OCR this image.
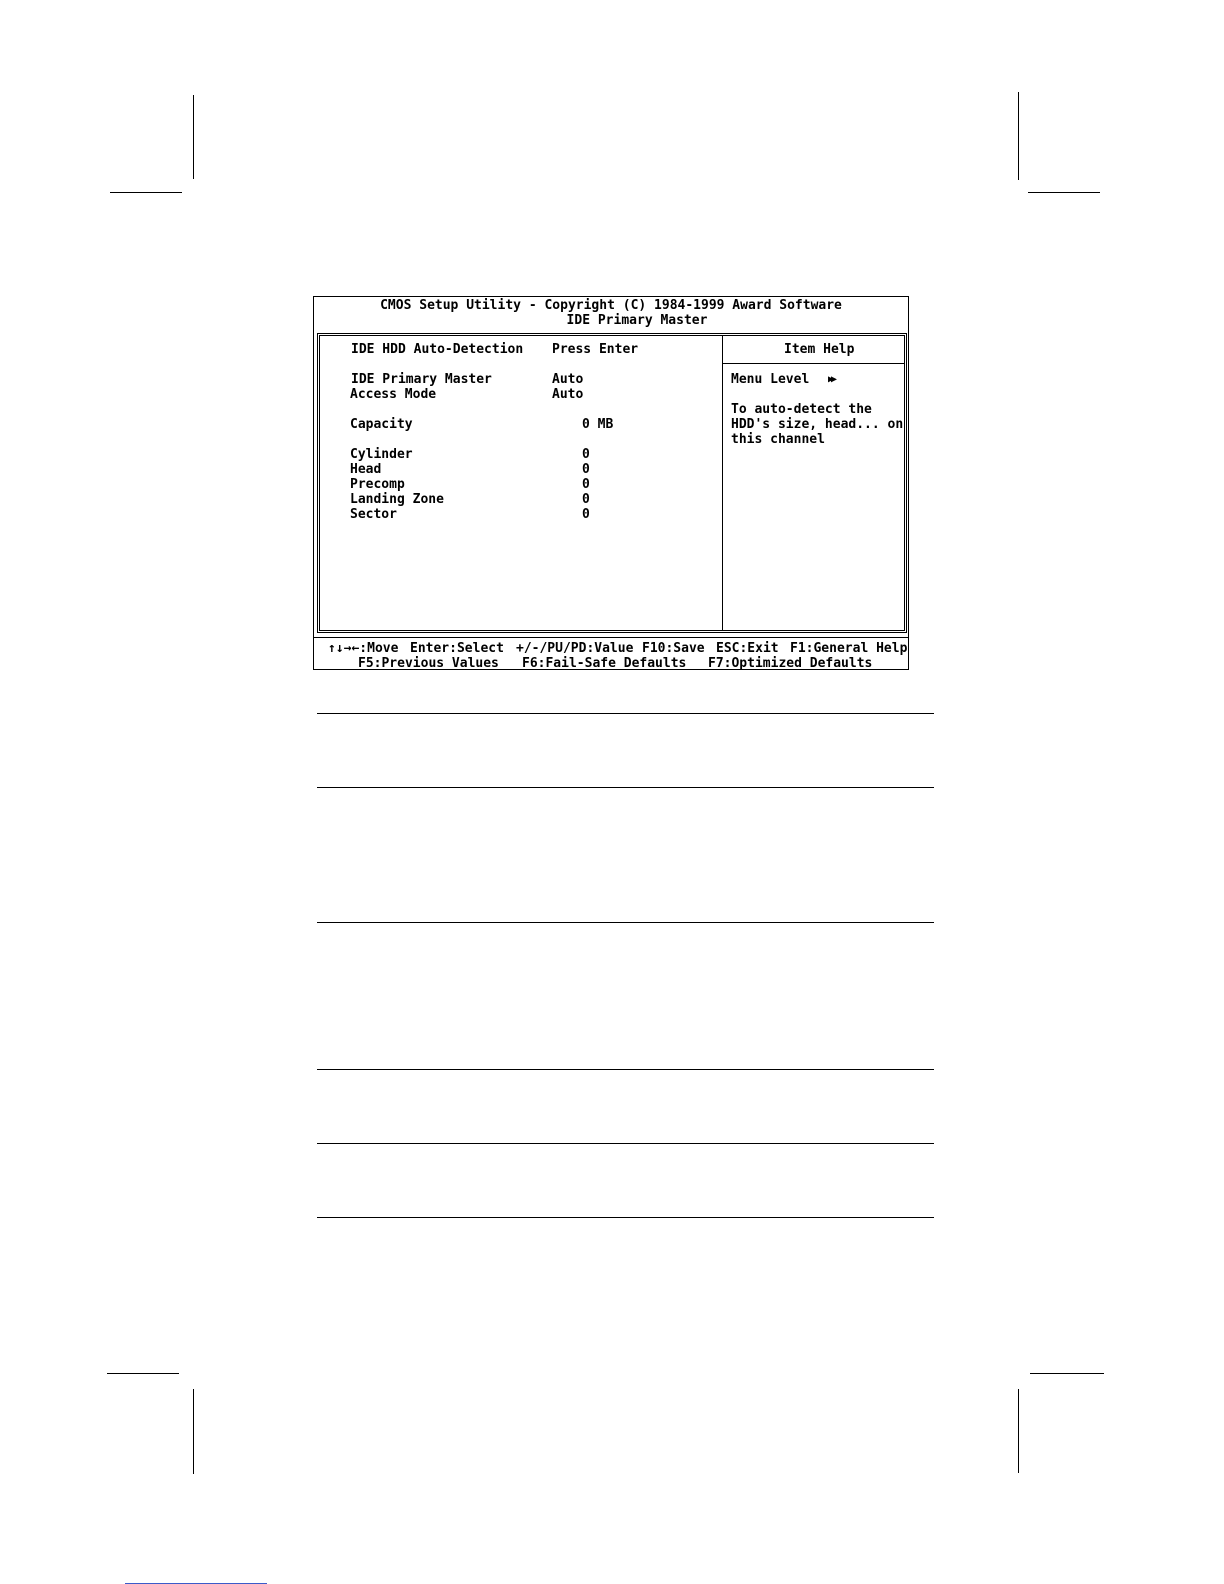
CMOS Setup Utility - Copyright (C) 1984-1999 Award Software
IDE Primary Master
IDE HDD Auto-Detection Press Enter
IDE Primary Master	Auto
Access Mode	Auto
Capacity	0 MB
Cylinder	0
Head	0
Precomp	0
Landing Zone	0
Sector	0
Item Help
Menu Level ▶▶
To auto-detect the
HDD's size, head... on
this channel
↑↓→←:Move Enter:Select +/-/PU/PD:Value F10:Save ESC:Exit F1:General Help
F5:Previous Values F6:Fail-Safe Defaults F7:Optimized Defaults
